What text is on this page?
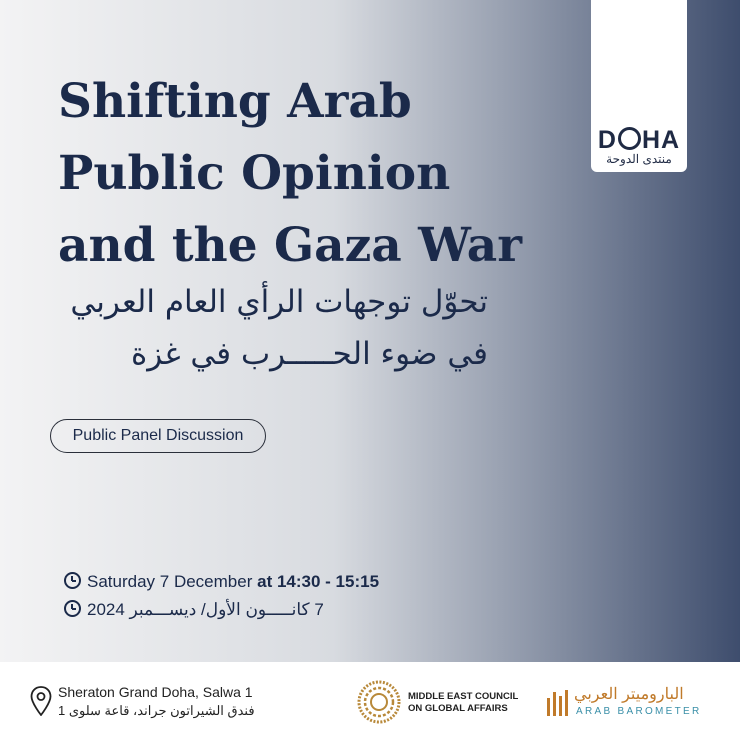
D HA
منتدى الدوحة
Shifting Arab
Public Opinion
and the Gaza War
تحوّل توجهات الرأي العام العربي
في ضوء الحـــــرب في غزة
Public Panel Discussion
Saturday 7 December at 14:30 - 15:15
7 كانـــــون الأول/ ديســـمبر 2024
Sheraton Grand Doha, Salwa 1
فندق الشيراتون جراند، قاعة سلوى 1
MIDDLE EAST COUNCIL
ON GLOBAL AFFAIRS
الباروميتر العربي
ARAB BAROMETER
